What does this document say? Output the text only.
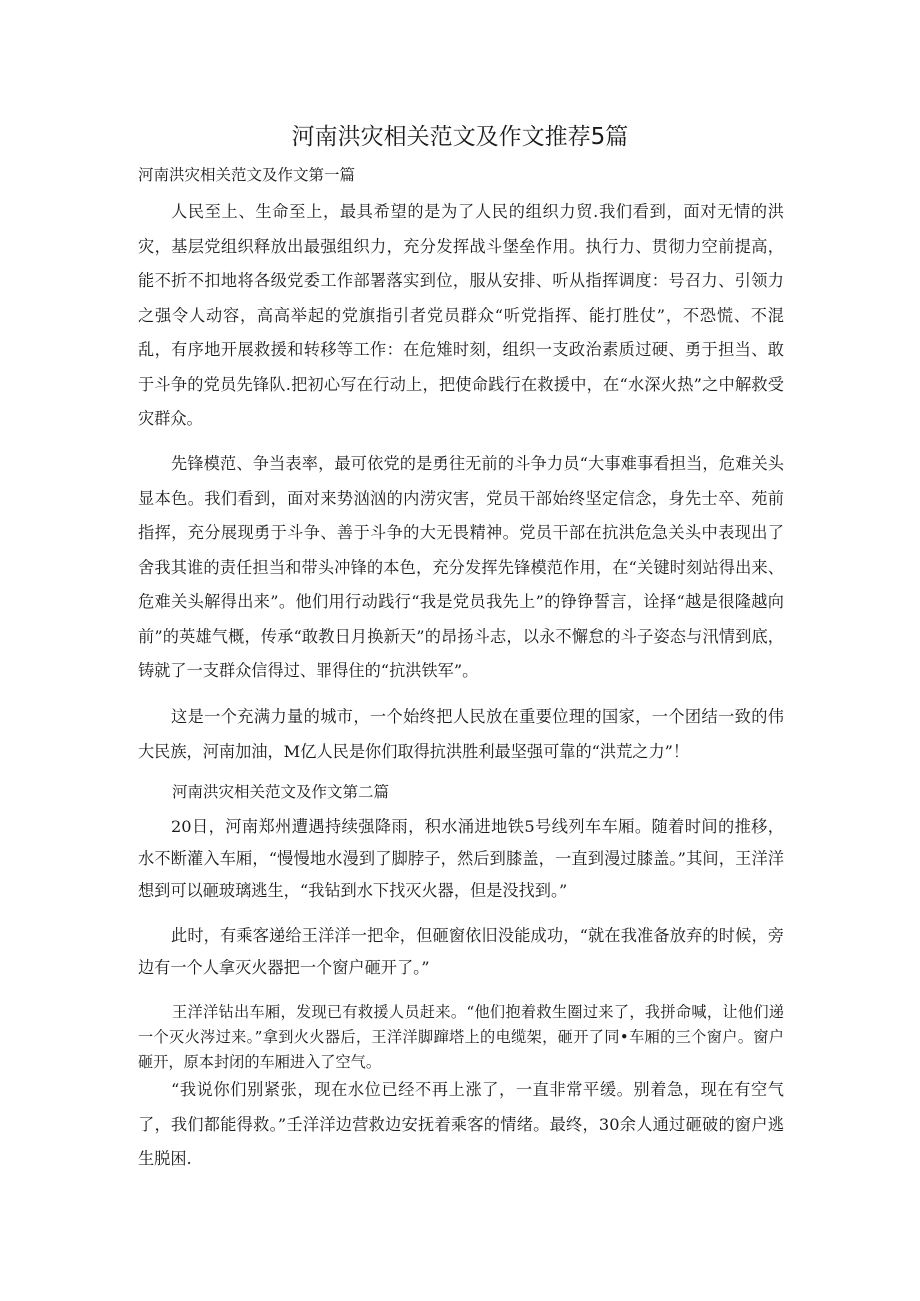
河南洪灾相关范文及作文推荐5篇
河南洪灾相关范文及作文第一篇

人民至上、生命至上，最具希望的是为了人民的组织力贸.我们看到，面对无情的洪灾，基层党组织释放出最强组织力，充分发挥战斗堡垒作用。执行力、贯彻力空前提高，能不折不扣地将各级党委工作部署落实到位，服从安排、听从指挥调度：号召力、引领力之强令人动容，高高举起的党旗指引者党员群众“听党指挥、能打胜仗”，不恐慌、不混乱，有序地开展救援和转移等工作：在危雉时刻，组织一支政治素质过硬、勇于担当、敢于斗争的党员先锋队.把初心写在行动上，把使命践行在救援中，在“水深火热”之中解救受灾群众。

先锋模范、争当表率，最可依党的是勇往无前的斗争力员“大事难事看担当，危难关头显本色。我们看到，面对来势汹汹的内涝灾害，党员干部始终坚定信念，身先士卒、苑前指挥，充分展现勇于斗争、善于斗争的大无畏精神。党员干部在抗洪危急关头中表现出了舍我其谁的责任担当和带头冲锋的本色，充分发挥先锋模范作用，在“关键时刻站得出来、危难关头解得出来”。他们用行动践行“我是党员我先上”的铮铮誓言，诠择“越是很隆越向前”的英雄气概，传承“敢教日月换新天”的昂扬斗志，以永不懈怠的斗子姿态与汛情到底，铸就了一支群众信得过、罪得住的“抗洪铁军”。

这是一个充满力量的城市，一个始终把人民放在重要位理的国家，一个团结一致的伟大民族，河南加油，M亿人民是你们取得抗洪胜利最坚强可靠的“洪荒之力”！

河南洪灾相关范文及作文第二篇

20日，河南郑州遭遇持续强降雨，积水涌进地铁5号线列车车厢。随着时间的推移，水不断灌入车厢，“慢慢地水漫到了脚脖子，然后到膝盖，一直到漫过膝盖。”其间，王洋洋想到可以砸玻璃逃生，“我钻到水下找灭火器，但是没找到。”

此时，有乘客递给王洋洋一把伞，但砸窗依旧没能成功，“就在我准备放弃的时候，旁边有一个人拿灭火器把一个窗户砸开了。”

王洋洋钻出车厢，发现已有救援人员赶来。“他们抱着救生圈过来了，我拼命喊，让他们递一个灭火涔过来。”拿到火火器后，王洋洋脚蹿塔上的电缆架，砸开了同•车厢的三个窗户。窗户砸开，原本封闭的车厢进入了空气。

“我说你们别紧张，现在水位已经不再上涨了，一直非常平缓。别着急，现在有空气了，我们都能得救。”壬洋洋边营救边安抚着乘客的情绪。最终，30余人通过砸破的窗户逃生脱困.
